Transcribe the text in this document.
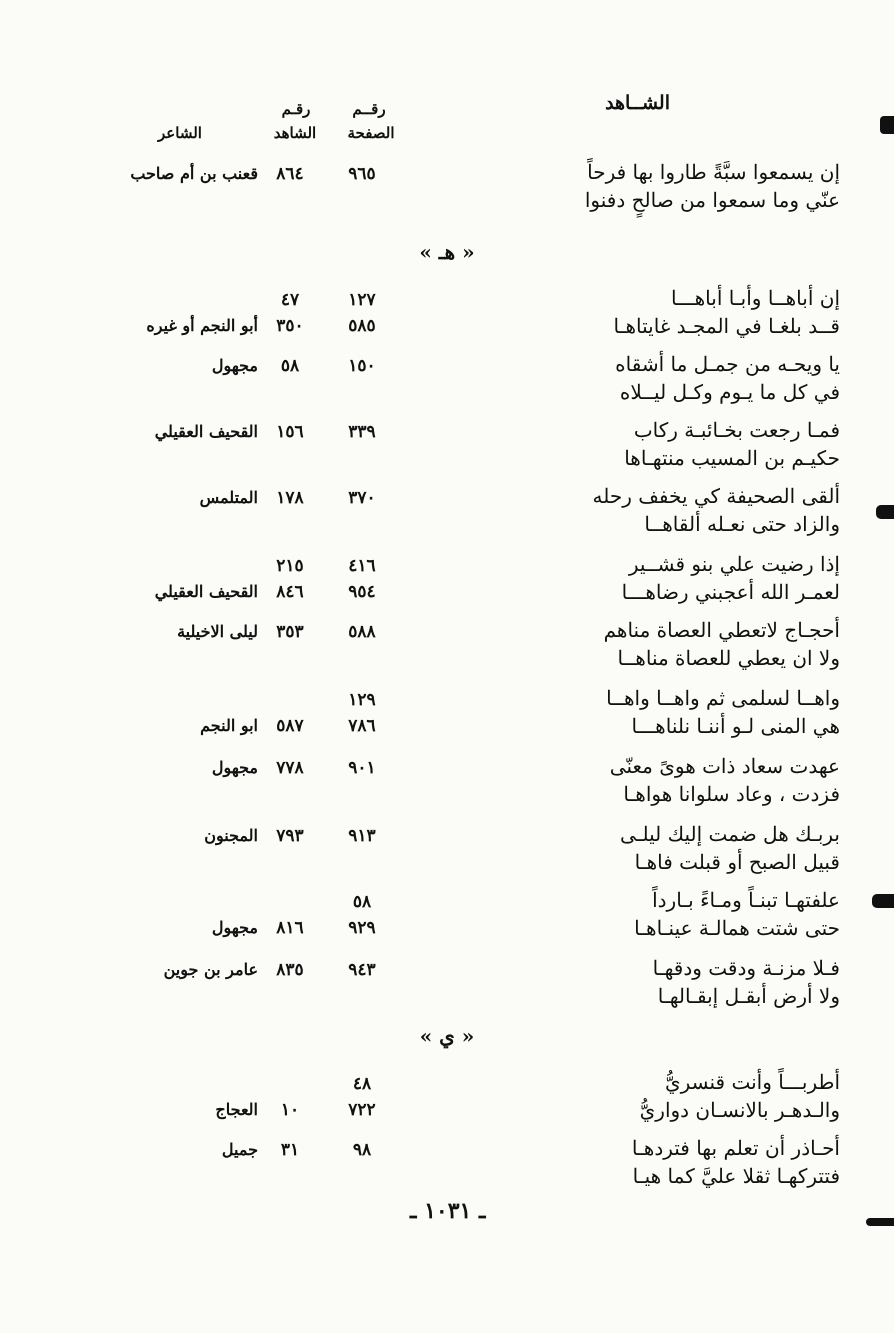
الشــاهد
رقــم
الصفحة
رقـم
الشاهد
الشاعر
إن يسمعوا سبَّةً طاروا بها فرحاً
عنّي وما سمعوا من صالحٍ دفنوا
٩٦٥
٨٦٤
قعنب بن أم صاحب
« هـ »
إن أباهــا وأبـا أباهـــا
قــد بلغـا في المجـد غايتاهـا
١٢٧
٥٨٥
٤٧
٣٥٠
أبو النجم أو غيره
يا ويحـه من جمـل ما أشقاه
في كل ما يـوم وكـل ليــلاه
١٥٠
٥٨
مجهول
فمـا رجعت بخـائبـة ركاب
حكيـم بن المسيب منتهـاها
٣٣٩
١٥٦
القحيف العقيلي
ألقى الصحيفة كي يخفف رحله
والزاد حتى نعـله ألقاهــا
٣٧٠
١٧٨
المتلمس
إذا رضيت علي بنو قشــير
لعمـر الله أعجبني رضاهـــا
٤١٦
٩٥٤
٢١٥
٨٤٦
القحيف العقيلي
أحجـاج لاتعطي العصاة مناهم
ولا ان يعطي للعصاة مناهــا
٥٨٨
٣٥٣
ليلى الاخيلية
واهــا لسلمى ثم واهــا واهــا
هي المنى لـو أننـا نلناهـــا
١٢٩
٧٨٦
٥٨٧
ابو النجم
عهدت سعاد ذات هوىً معنّى
فزدت ، وعاد سلوانا هواهـا
٩٠١
٧٧٨
مجهول
بربـك هل ضمت إليك ليلـى
قبيل الصبح أو قبلت فاهـا
٩١٣
٧٩٣
المجنون
علفتهـا تبنـاً ومـاءً بـارداً
حتى شتت همالـة عينـاهـا
٥٨
٩٢٩
٨١٦
مجهول
فـلا مزنـة ودقت ودقهـا
ولا أرض أبقـل إبقـالهـا
٩٤٣
٨٣٥
عامر بن جوين
« ي »
أطربـــاً وأنت قنسريُّ
والـدهـر بالانسـان دواريُّ
٤٨
٧٢٢
١٠
العجاج
أحـاذر أن تعلم بها فتردهـا
فتتركهـا ثقلا عليَّ كما هيـا
٩٨
٣١
جميل
ـ ١٠٣١ ـ
